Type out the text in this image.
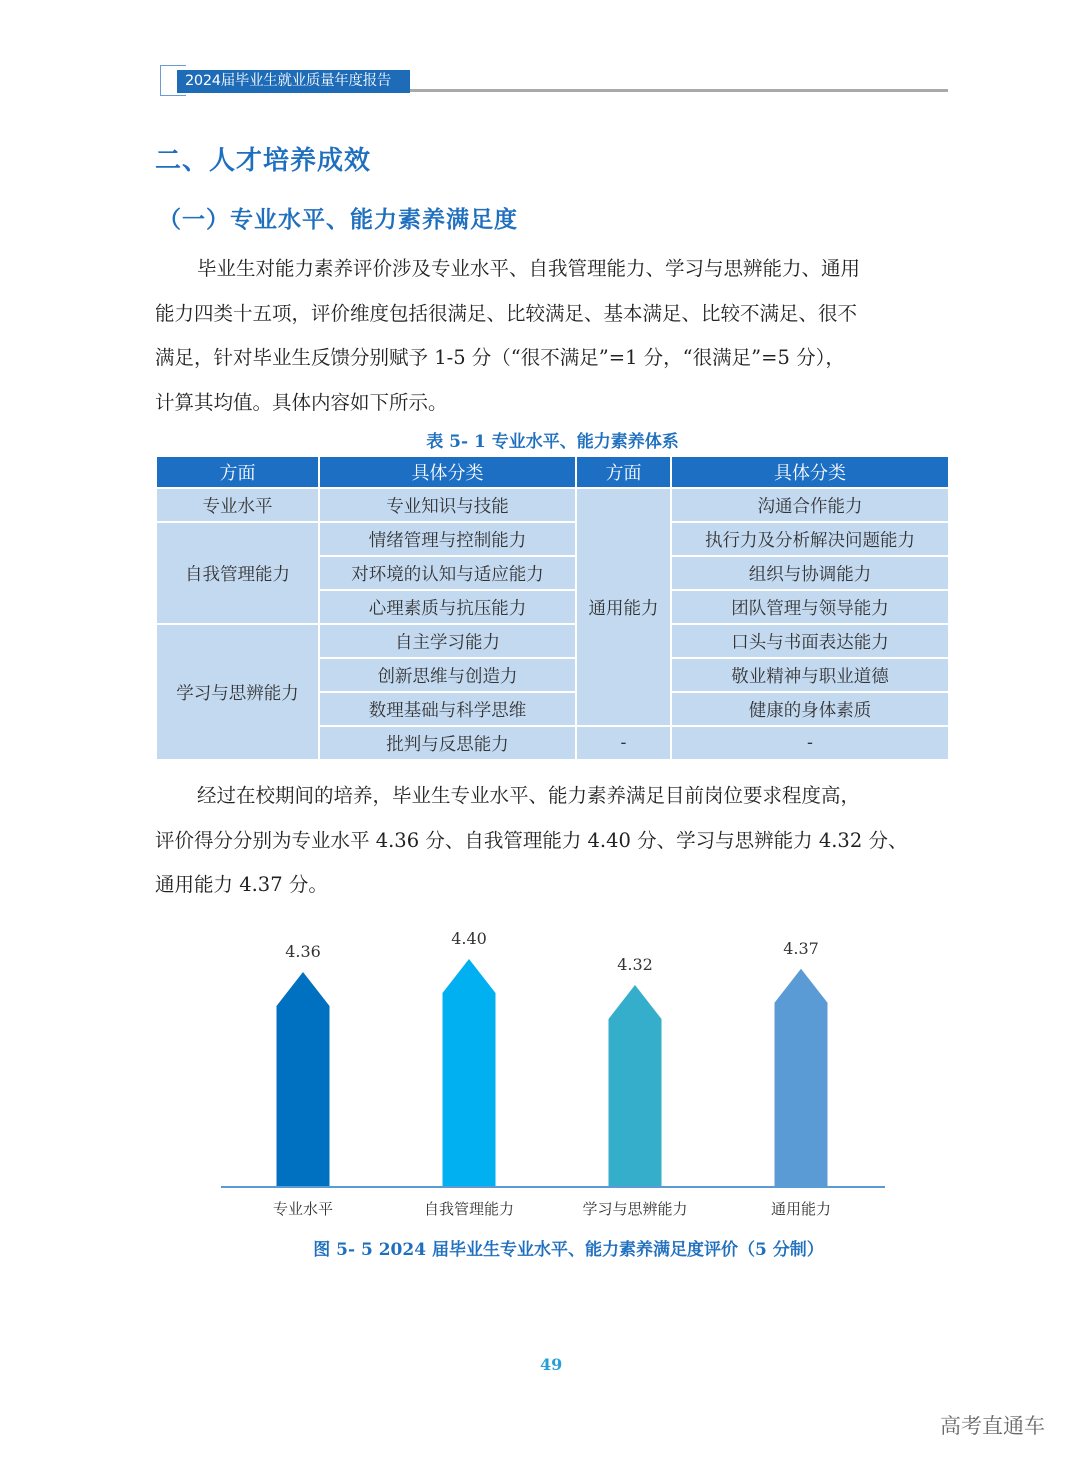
2024届毕业生就业质量年度报告
二、人才培养成效
（一）专业水平、能力素养满足度
毕业生对能力素养评价涉及专业水平、自我管理能力、学习与思辨能力、通用
能力四类十五项，评价维度包括很满足、比较满足、基本满足、比较不满足、很不
满足，针对毕业生反馈分别赋予 1-5 分（“很不满足”=1 分，“很满足”=5 分），
计算其均值。具体内容如下所示。
表 5- 1 专业水平、能力素养体系
方面	具体分类	方面	具体分类
专业水平	专业知识与技能	通用能力	沟通合作能力
自我管理能力	情绪管理与控制能力		执行力及分析解决问题能力
	对环境的认知与适应能力		组织与协调能力
	心理素质与抗压能力		团队管理与领导能力
学习与思辨能力	自主学习能力		口头与书面表达能力
	创新思维与创造力		敬业精神与职业道德
	数理基础与科学思维		健康的身体素质
	批判与反思能力	-	-
经过在校期间的培养，毕业生专业水平、能力素养满足目前岗位要求程度高，
评价得分分别为专业水平 4.36 分、自我管理能力 4.40 分、学习与思辨能力 4.32 分、
通用能力 4.37 分。
4.36
专业水平
4.40
自我管理能力
4.32
学习与思辨能力
4.37
通用能力
图 5- 5 2024 届毕业生专业水平、能力素养满足度评价（5 分制）
49
高考直通车
